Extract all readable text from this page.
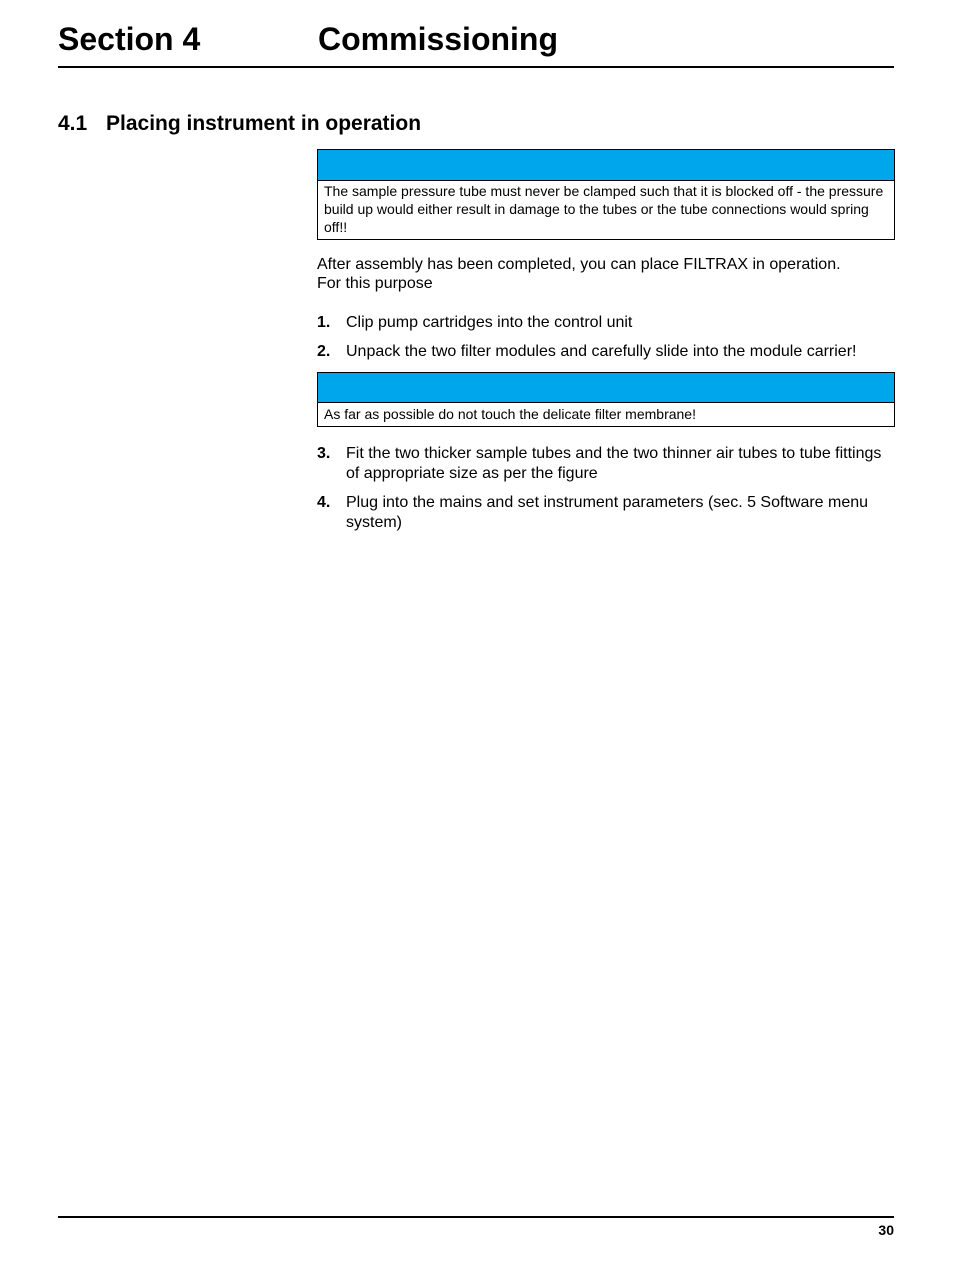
Section 4	Commissioning
4.1 Placing instrument in operation
The sample pressure tube must never be clamped such that it is blocked off - the pressure build up would either result in damage to the tubes or the tube connections would spring off!!
After assembly has been completed, you can place FILTRAX in operation.
For this purpose
1. Clip pump cartridges into the control unit
2. Unpack the two filter modules and carefully slide into the module carrier!
As far as possible do not touch the delicate filter membrane!
3. Fit the two thicker sample tubes and the two thinner air tubes to tube fittings of appropriate size as per the figure
4. Plug into the mains and set instrument parameters (sec. 5 Software menu system)
30
